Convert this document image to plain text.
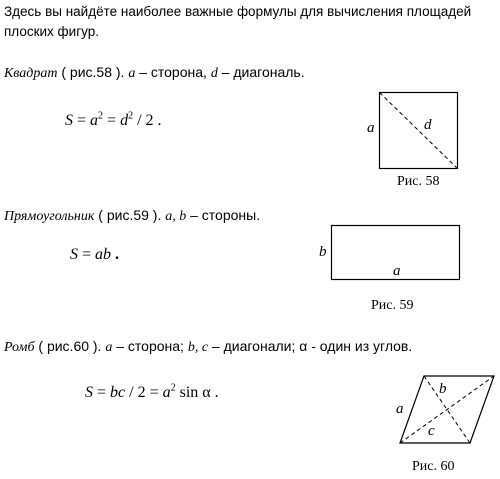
Здесь вы найдёте наиболее важные формулы для вычисления площадей плоских фигур.
Квадрат ( рис.58 ). a – сторона, d – диагональ.
$S = a^2 = d^2 / 2$ .	a	d
Рис. 58
Прямоугольник ( рис.59 ). a, b – стороны.
S = ab .	b
a
Рис. 59
Ромб ( рис.60 ). a – сторона; b, c – диагонали; α - один из углов.
S = bc / $2 = a^2$ sin α .
a
b
c
Рис. 60
